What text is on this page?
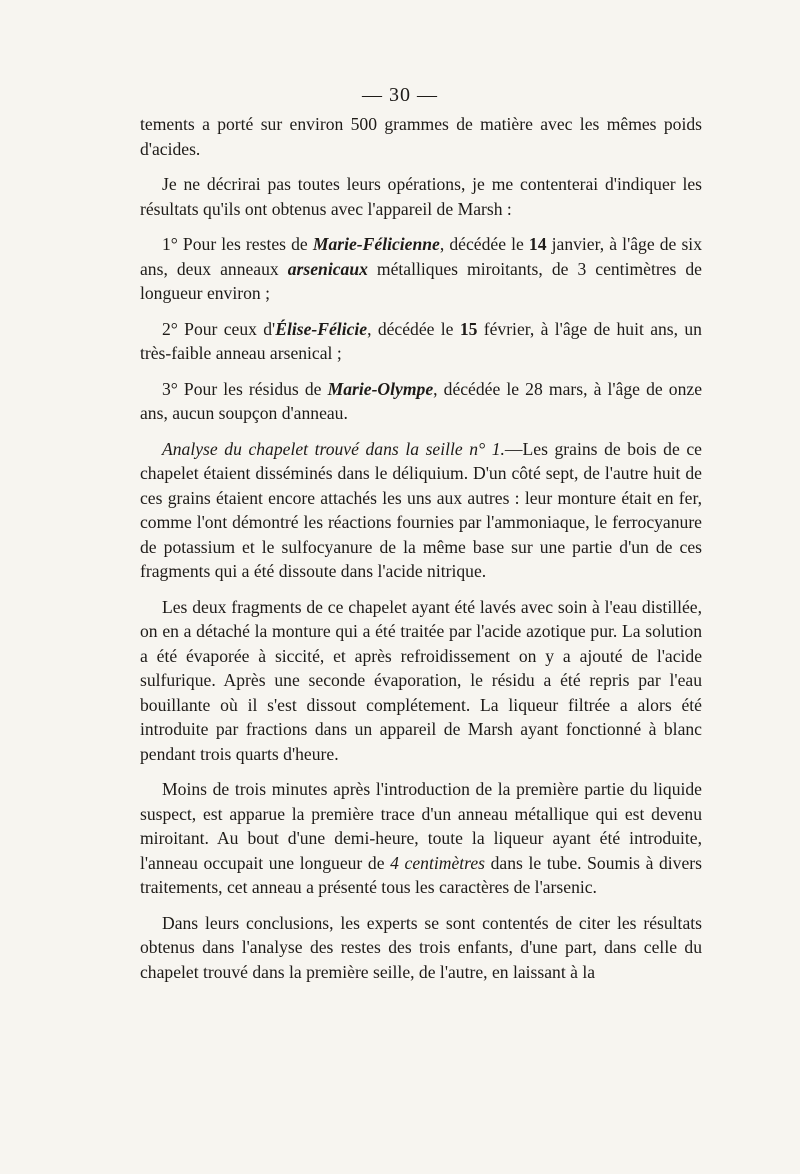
— 30 —

tements a porté sur environ 500 grammes de matière avec les mêmes poids d'acides.

Je ne décrirai pas toutes leurs opérations, je me contenterai d'indiquer les résultats qu'ils ont obtenus avec l'appareil de Marsh :

1° Pour les restes de Marie-Félicienne, décédée le 14 janvier, à l'âge de six ans, deux anneaux arsenicaux métalliques miroitants, de 3 centimètres de longueur environ ;

2° Pour ceux d'Élise-Félicie, décédée le 15 février, à l'âge de huit ans, un très-faible anneau arsenical ;

3° Pour les résidus de Marie-Olympe, décédée le 28 mars, à l'âge de onze ans, aucun soupçon d'anneau.

Analyse du chapelet trouvé dans la seille n° 1.—Les grains de bois de ce chapelet étaient disséminés dans le déliquium. D'un côté sept, de l'autre huit de ces grains étaient encore attachés les uns aux autres : leur monture était en fer, comme l'ont démontré les réactions fournies par l'ammoniaque, le ferrocyanure de potassium et le sulfocyanure de la même base sur une partie d'un de ces fragments qui a été dissoute dans l'acide nitrique.

Les deux fragments de ce chapelet ayant été lavés avec soin à l'eau distillée, on en a détaché la monture qui a été traitée par l'acide azotique pur. La solution a été évaporée à siccité, et après refroidissement on y a ajouté de l'acide sulfurique. Après une seconde évaporation, le résidu a été repris par l'eau bouillante où il s'est dissout complétement. La liqueur filtrée a alors été introduite par fractions dans un appareil de Marsh ayant fonctionné à blanc pendant trois quarts d'heure.

Moins de trois minutes après l'introduction de la première partie du liquide suspect, est apparue la première trace d'un anneau métallique qui est devenu miroitant. Au bout d'une demi-heure, toute la liqueur ayant été introduite, l'anneau occupait une longueur de 4 centimètres dans le tube. Soumis à divers traitements, cet anneau a présenté tous les caractères de l'arsenic.

Dans leurs conclusions, les experts se sont contentés de citer les résultats obtenus dans l'analyse des restes des trois enfants, d'une part, dans celle du chapelet trouvé dans la première seille, de l'autre, en laissant à la
